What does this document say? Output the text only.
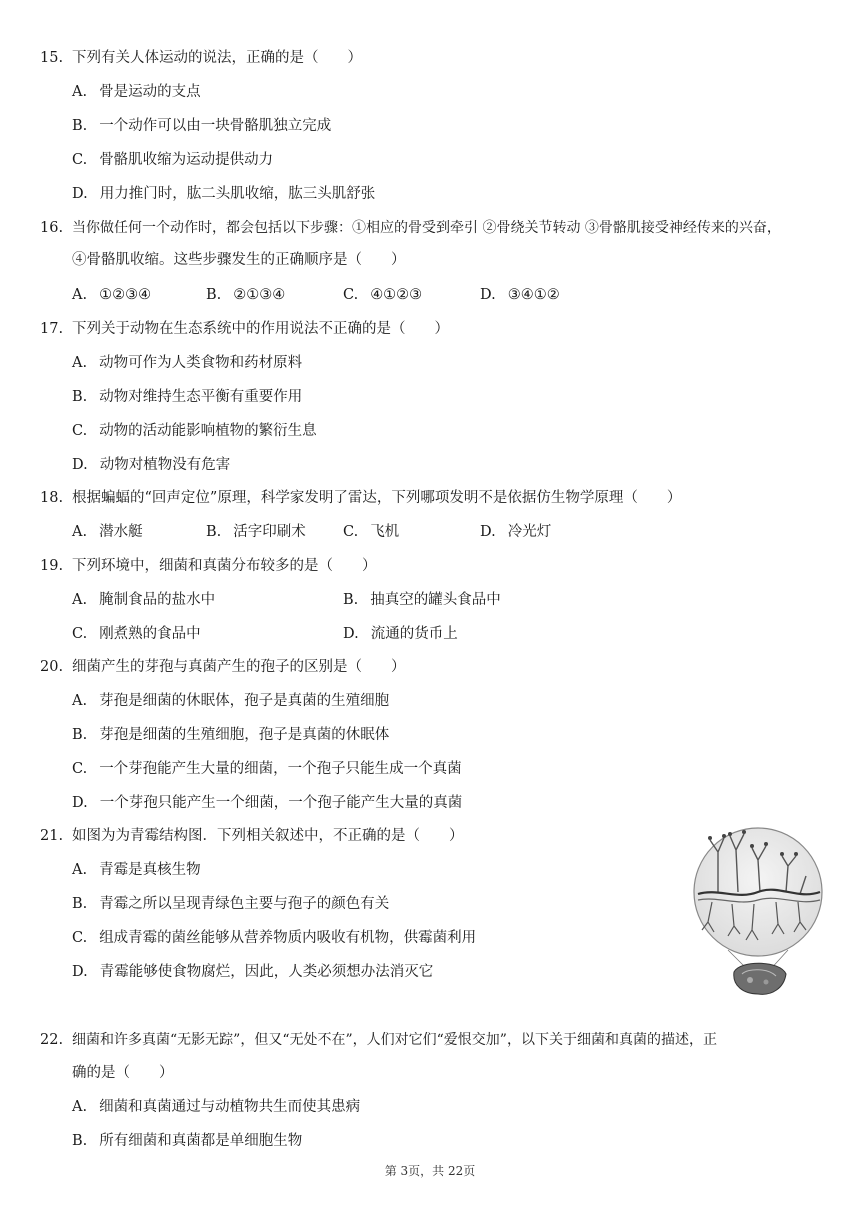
15. 下列有关人体运动的说法，正确的是（　　）
A. 骨是运动的支点
B. 一个动作可以由一块骨骼肌独立完成
C. 骨骼肌收缩为运动提供动力
D. 用力推门时，肱二头肌收缩，肱三头肌舒张
16. 当你做任何一个动作时，都会包括以下步骤：①相应的骨受到牵引 ②骨绕关节转动 ③骨骼肌接受神经传来的兴奋，
④骨骼肌收缩。这些步骤发生的正确顺序是（　　）
A. ①②③④	B. ②①③④	C. ④①②③	D. ③④①②
17. 下列关于动物在生态系统中的作用说法不正确的是（　　）
A. 动物可作为人类食物和药材原料
B. 动物对维持生态平衡有重要作用
C. 动物的活动能影响植物的繁衍生息
D. 动物对植物没有危害
18. 根据蝙蝠的“回声定位”原理，科学家发明了雷达，下列哪项发明不是依据仿生物学原理（　　）
A. 潜水艇	B. 活字印刷术	C. 飞机	D. 冷光灯
19. 下列环境中，细菌和真菌分布较多的是（　　）
A. 腌制食品的盐水中	B. 抽真空的罐头食品中
C. 刚煮熟的食品中	D. 流通的货币上
20. 细菌产生的芽孢与真菌产生的孢子的区别是（　　）
A. 芽孢是细菌的休眠体，孢子是真菌的生殖细胞
B. 芽孢是细菌的生殖细胞，孢子是真菌的休眠体
C. 一个芽孢能产生大量的细菌，一个孢子只能生成一个真菌
D. 一个芽孢只能产生一个细菌，一个孢子能产生大量的真菌
21. 如图为为青霉结构图．下列相关叙述中，不正确的是（　　）
A. 青霉是真核生物
B. 青霉之所以呈现青绿色主要与孢子的颜色有关
C. 组成青霉的菌丝能够从营养物质内吸收有机物，供霉菌利用
D. 青霉能够使食物腐烂，因此，人类必须想办法消灭它
22. 细菌和许多真菌“无影无踪”，但又“无处不在”，人们对它们“爱恨交加”，以下关于细菌和真菌的描述，正
确的是（　　）
A. 细菌和真菌通过与动植物共生而使其患病
B. 所有细菌和真菌都是单细胞生物
第 3页，共 22页
